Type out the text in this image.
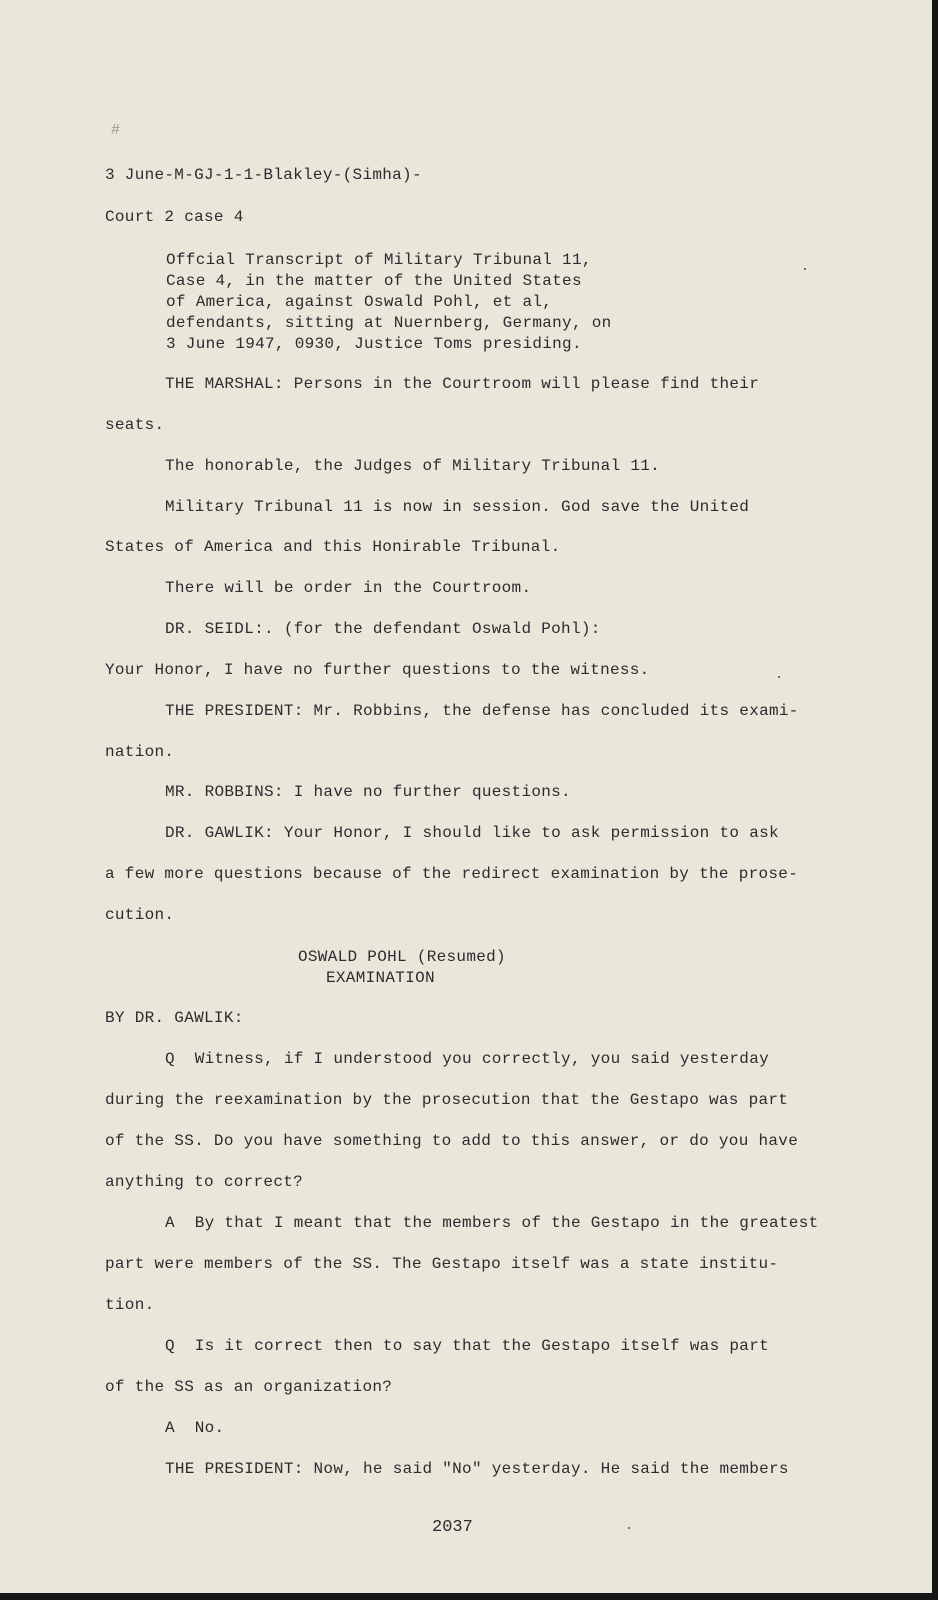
#

3 June-M-GJ-1-1-Blakley-(Simha)-

Court 2 case 4

Offcial Transcript of Military Tribunal 11,

Case 4, in the matter of the United States

of America, against Oswald Pohl, et al,

defendants, sitting at Nuernberg, Germany, on

3 June 1947, 0930, Justice Toms presiding.

THE MARSHAL: Persons in the Courtroom will please find their

seats.

The honorable, the Judges of Military Tribunal 11.

Military Tribunal 11 is now in session. God save the United

States of America and this Honirable Tribunal.

There will be order in the Courtroom.

DR. SEIDL:. (for the defendant Oswald Pohl):

Your Honor, I have no further questions to the witness.

THE PRESIDENT: Mr. Robbins, the defense has concluded its exami-

nation.

MR. ROBBINS: I have no further questions.

DR. GAWLIK: Your Honor, I should like to ask permission to ask

a few more questions because of the redirect examination by the prose-

cution.

OSWALD POHL (Resumed)

EXAMINATION

BY DR. GAWLIK:

Q  Witness, if I understood you correctly, you said yesterday

during the reexamination by the prosecution that the Gestapo was part

of the SS. Do you have something to add to this answer, or do you have

anything to correct?

A  By that I meant that the members of the Gestapo in the greatest

part were members of the SS. The Gestapo itself was a state institu-

tion.

Q  Is it correct then to say that the Gestapo itself was part

of the SS as an organization?

A  No.

THE PRESIDENT: Now, he said "No" yesterday. He said the members

2037
